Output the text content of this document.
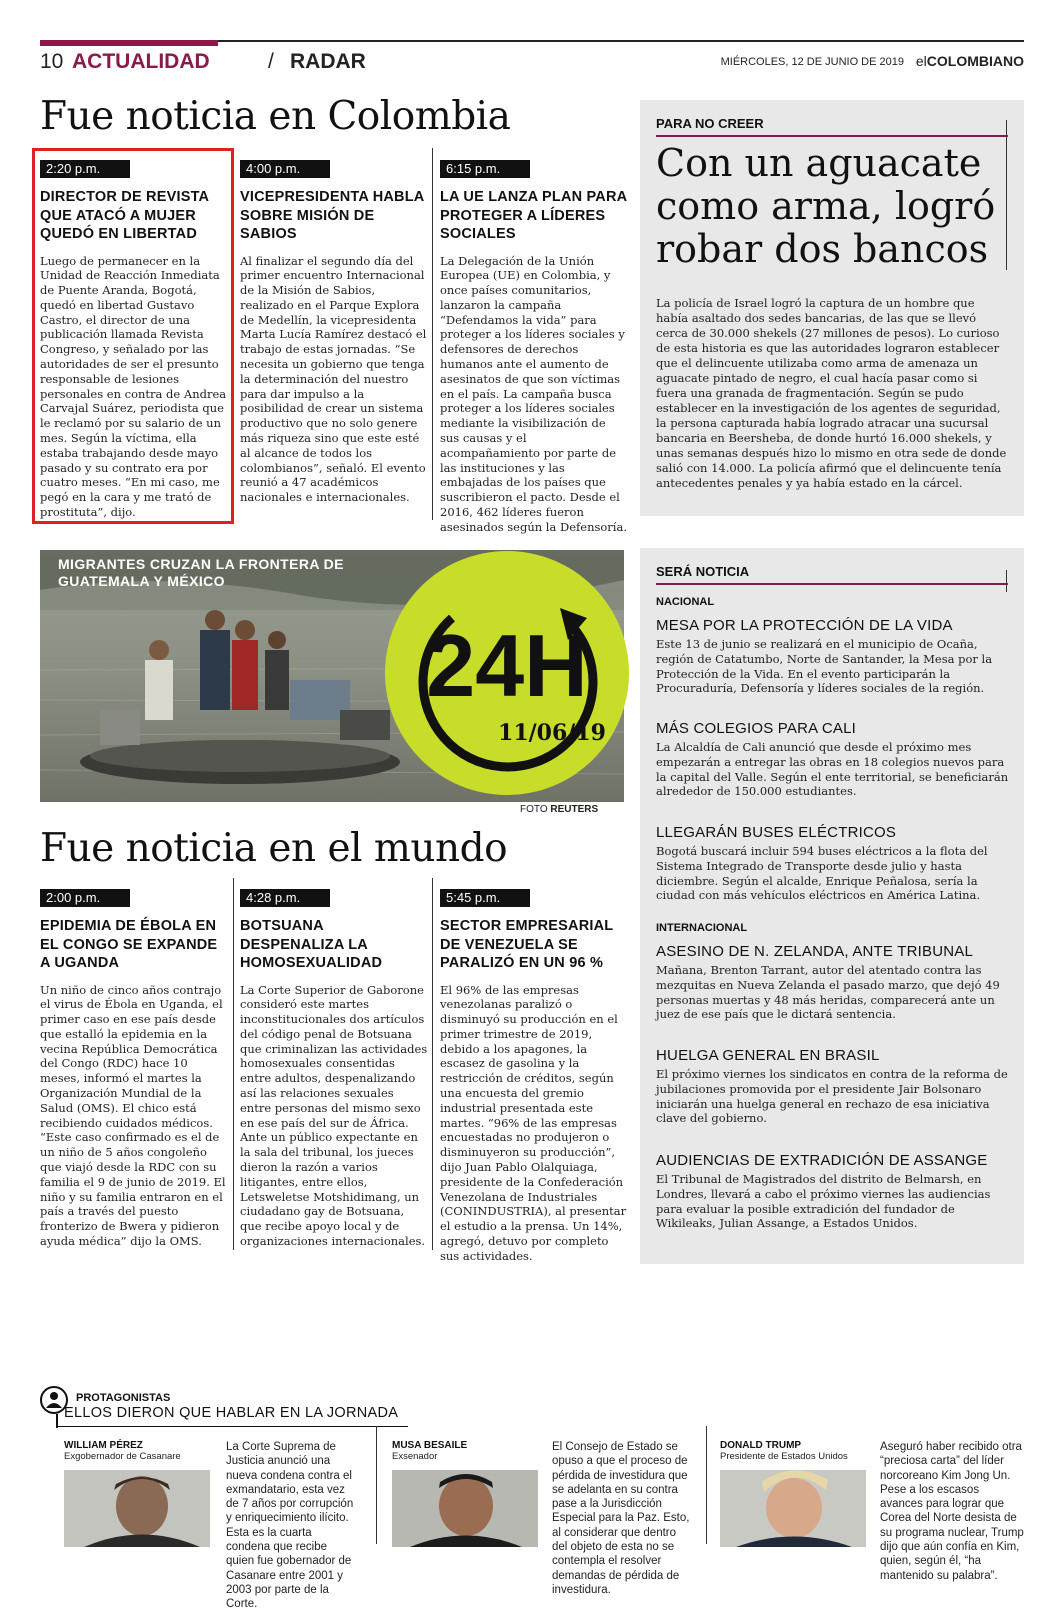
10 ACTUALIDAD	/ RADAR	MIÉRCOLES, 12 DE JUNIO DE 2019 elCOLOMBIANO
Fue noticia en Colombia
2:20 p.m.
DIRECTOR DE REVISTA QUE ATACÓ A MUJER QUEDÓ EN LIBERTAD
Luego de permanecer en la Unidad de Reacción Inmediata de Puente Aranda, Bogotá, quedó en libertad Gustavo Castro, el director de una publicación llamada Revista Congreso, y señalado por las autoridades de ser el presunto responsable de lesiones personales en contra de Andrea Carvajal Suárez, periodista que le reclamó por su salario de un mes. Según la víctima, ella estaba trabajando desde mayo pasado y su contrato era por cuatro meses. “En mi caso, me pegó en la cara y me trató de prostituta”, dijo.
4:00 p.m.
VICEPRESIDENTA HABLA SOBRE MISIÓN DE SABIOS
Al finalizar el segundo día del primer encuentro Internacional de la Misión de Sabios, realizado en el Parque Explora de Medellín, la vicepresidenta Marta Lucía Ramírez destacó el trabajo de estas jornadas. “Se necesita un gobierno que tenga la determinación del nuestro para dar impulso a la posibilidad de crear un sistema productivo que no solo genere más riqueza sino que este esté al alcance de todos los colombianos”, señaló. El evento reunió a 47 académicos nacionales e internacionales.
6:15 p.m.
LA UE LANZA PLAN PARA PROTEGER A LÍDERES SOCIALES
La Delegación de la Unión Europea (UE) en Colombia, y once países comunitarios, lanzaron la campaña “Defendamos la vida” para proteger a los líderes sociales y defensores de derechos humanos ante el aumento de asesinatos de que son víctimas en el país. La campaña busca proteger a los líderes sociales mediante la visibilización de sus causas y el acompañamiento por parte de las instituciones y las embajadas de los países que suscribieron el pacto. Desde el 2016, 462 líderes fueron asesinados según la Defensoría.
PARA NO CREER
Con un aguacate como arma, logró robar dos bancos
La policía de Israel logró la captura de un hombre que había asaltado dos sedes bancarias, de las que se llevó cerca de 30.000 shekels (27 millones de pesos). Lo curioso de esta historia es que las autoridades lograron establecer que el delincuente utilizaba como arma de amenaza un aguacate pintado de negro, el cual hacía pasar como si fuera una granada de fragmentación. Según se pudo establecer en la investigación de los agentes de seguridad, la persona capturada había logrado atracar una sucursal bancaria en Beersheba, de donde hurtó 16.000 shekels, y unas semanas después hizo lo mismo en otra sede de donde salió con 14.000. La policía afirmó que el delincuente tenía antecedentes penales y ya había estado en la cárcel.
MIGRANTES CRUZAN LA FRONTERA DE GUATEMALA Y MÉXICO
24H
11/06/19
FOTO REUTERS
SERÁ NOTICIA
NACIONAL
MESA POR LA PROTECCIÓN DE LA VIDA
Este 13 de junio se realizará en el municipio de Ocaña, región de Catatumbo, Norte de Santander, la Mesa por la Protección de la Vida. En el evento participarán la Procuraduría, Defensoría y líderes sociales de la región.
MÁS COLEGIOS PARA CALI
La Alcaldía de Cali anunció que desde el próximo mes empezarán a entregar las obras en 18 colegios nuevos para la capital del Valle. Según el ente territorial, se beneficiarán alrededor de 150.000 estudiantes.
LLEGARÁN BUSES ELÉCTRICOS
Bogotá buscará incluir 594 buses eléctricos a la flota del Sistema Integrado de Transporte desde julio y hasta diciembre. Según el alcalde, Enrique Peñalosa, sería la ciudad con más vehículos eléctricos en América Latina.
INTERNACIONAL
ASESINO DE N. ZELANDA, ANTE TRIBUNAL
Mañana, Brenton Tarrant, autor del atentado contra las mezquitas en Nueva Zelanda el pasado marzo, que dejó 49 personas muertas y 48 más heridas, comparecerá ante un juez de ese país que le dictará sentencia.
HUELGA GENERAL EN BRASIL
El próximo viernes los sindicatos en contra de la reforma de jubilaciones promovida por el presidente Jair Bolsonaro iniciarán una huelga general en rechazo de esa iniciativa clave del gobierno.
AUDIENCIAS DE EXTRADICIÓN DE ASSANGE
El Tribunal de Magistrados del distrito de Belmarsh, en Londres, llevará a cabo el próximo viernes las audiencias para evaluar la posible extradición del fundador de Wikileaks, Julian Assange, a Estados Unidos.
Fue noticia en el mundo
2:00 p.m.
EPIDEMIA DE ÉBOLA EN EL CONGO SE EXPANDE A UGANDA
Un niño de cinco años contrajo el virus de Ébola en Uganda, el primer caso en ese país desde que estalló la epidemia en la vecina República Democrática del Congo (RDC) hace 10 meses, informó el martes la Organización Mundial de la Salud (OMS). El chico está recibiendo cuidados médicos. “Este caso confirmado es el de un niño de 5 años congoleño que viajó desde la RDC con su familia el 9 de junio de 2019. El niño y su familia entraron en el país a través del puesto fronterizo de Bwera y pidieron ayuda médica” dijo la OMS.
4:28 p.m.
BOTSUANA DESPENALIZA LA HOMOSEXUALIDAD
La Corte Superior de Gaborone consideró este martes inconstitucionales dos artículos del código penal de Botsuana que criminalizan las actividades homosexuales consentidas entre adultos, despenalizando así las relaciones sexuales entre personas del mismo sexo en ese país del sur de África. Ante un público expectante en la sala del tribunal, los jueces dieron la razón a varios litigantes, entre ellos, Letsweletse Motshidimang, un ciudadano gay de Botsuana, que recibe apoyo local y de organizaciones internacionales.
5:45 p.m.
SECTOR EMPRESARIAL DE VENEZUELA SE PARALIZÓ EN UN 96 %
El 96% de las empresas venezolanas paralizó o disminuyó su producción en el primer trimestre de 2019, debido a los apagones, la escasez de gasolina y la restricción de créditos, según una encuesta del gremio industrial presentada este martes. “96% de las empresas encuestadas no produjeron o disminuyeron su producción”, dijo Juan Pablo Olalquiaga, presidente de la Confederación Venezolana de Industriales (CONINDUSTRIA), al presentar el estudio a la prensa. Un 14%, agregó, detuvo por completo sus actividades.
PROTAGONISTAS
ELLOS DIERON QUE HABLAR EN LA JORNADA
WILLIAM PÉREZ
Exgobernador de Casanare
La Corte Suprema de Justicia anunció una nueva condena contra el exmandatario, esta vez de 7 años por corrupción y enriquecimiento ilícito. Esta es la cuarta condena que recibe quien fue gobernador de Casanare entre 2001 y 2003 por parte de la Corte.
MUSA BESAILE
Exsenador
El Consejo de Estado se opuso a que el proceso de pérdida de investidura que se adelanta en su contra pase a la Jurisdicción Especial para la Paz. Esto, al considerar que dentro del objeto de esta no se contempla el resolver demandas de pérdida de investidura.
DONALD TRUMP
Presidente de Estados Unidos
Aseguró haber recibido otra “preciosa carta” del líder norcoreano Kim Jong Un. Pese a los escasos avances para lograr que Corea del Norte desista de su programa nuclear, Trump dijo que aún confía en Kim, quien, según él, “ha mantenido su palabra”.
